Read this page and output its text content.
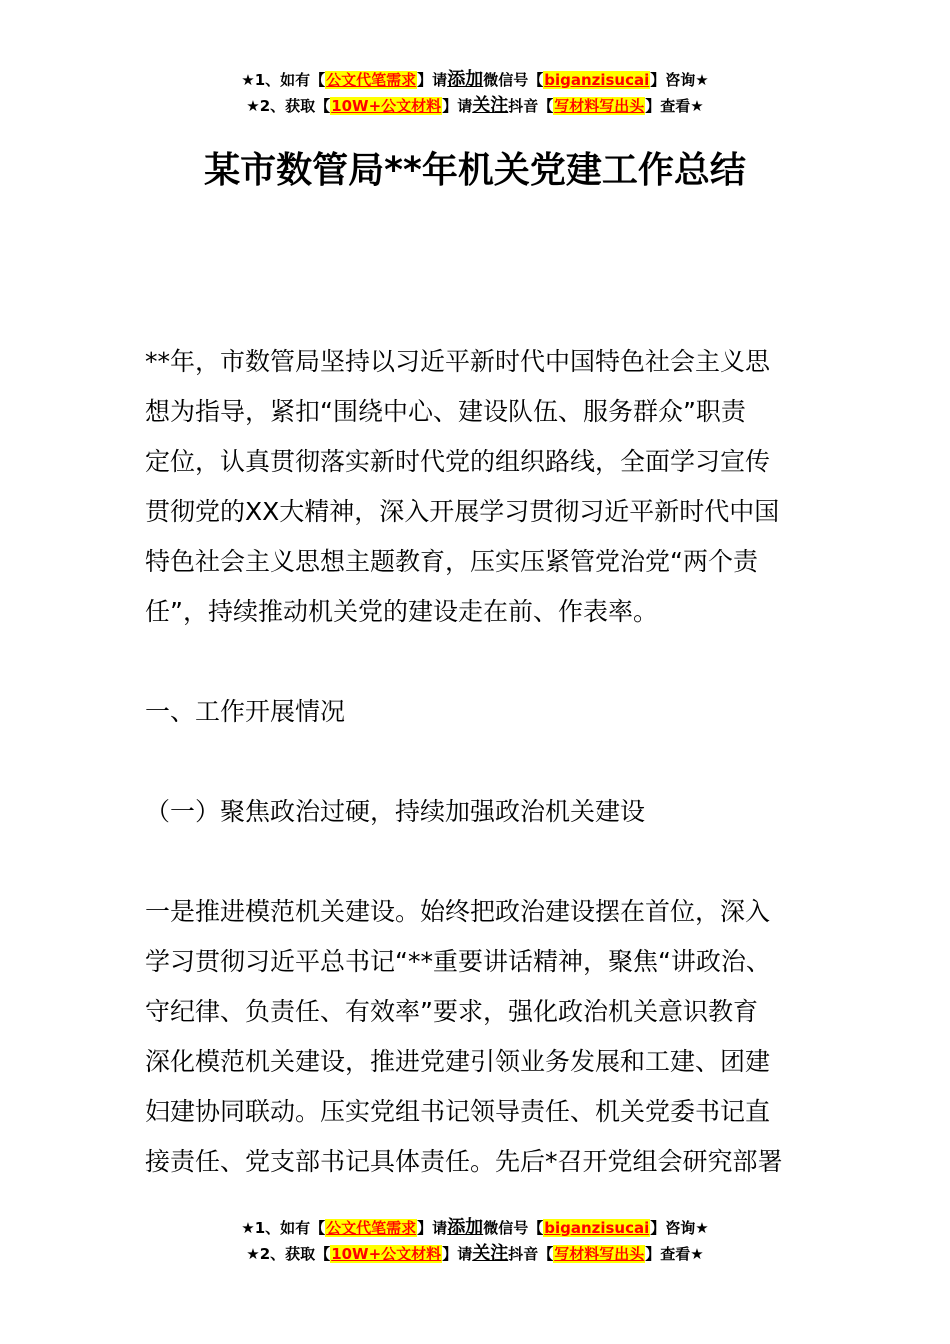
★1、如有【公文代笔需求】请添加微信号【biganzisucai】咨询★
★2、获取【10W+公文材料】请关注抖音【写材料写出头】查看★
某市数管局**年机关党建工作总结

**年，市数管局坚持以习近平新时代中国特色社会主义思

想为指导，紧扣“围绕中心、建设队伍、服务群众”职责

定位，认真贯彻落实新时代党的组织路线，全面学习宣传

贯彻党的XX大精神，深入开展学习贯彻习近平新时代中国

特色社会主义思想主题教育，压实压紧管党治党“两个责

任”，持续推动机关党的建设走在前、作表率。

一、工作开展情况

（一）聚焦政治过硬，持续加强政治机关建设

一是推进模范机关建设。始终把政治建设摆在首位，深入

学习贯彻习近平总书记“**重要讲话精神，聚焦“讲政治、

守纪律、负责任、有效率”要求，强化政治机关意识教育

深化模范机关建设，推进党建引领业务发展和工建、团建

妇建协同联动。压实党组书记领导责任、机关党委书记直

接责任、党支部书记具体责任。先后*召开党组会研究部署

★1、如有【公文代笔需求】请添加微信号【biganzisucai】咨询★
★2、获取【10W+公文材料】请关注抖音【写材料写出头】查看★
